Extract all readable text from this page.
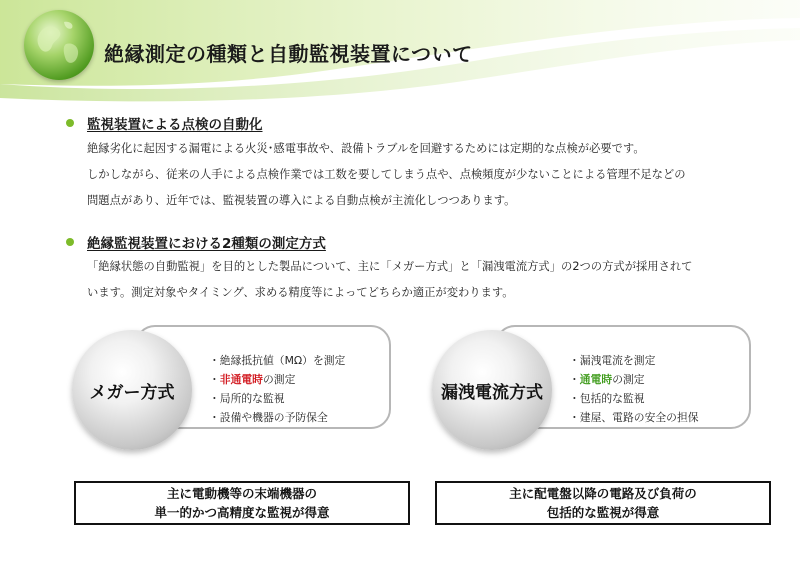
絶縁測定の種類と自動監視装置について
監視装置による点検の自動化
絶縁劣化に起因する漏電による火災･感電事故や、設備トラブルを回避するためには定期的な点検が必要です。
しかしながら、従来の人手による点検作業では工数を要してしまう点や、点検頻度が少ないことによる管理不足などの
問題点があり、近年では、監視装置の導入による自動点検が主流化しつつあります。
絶縁監視装置における2種類の測定方式
「絶縁状態の自動監視」を目的とした製品について、主に「メガー方式」と「漏洩電流方式」の2つの方式が採用されて
います。測定対象やタイミング、求める精度等によってどちらか適正が変わります。
・絶縁抵抗値（MΩ）を測定
・非通電時の測定
・局所的な監視
・設備や機器の予防保全
メガー方式
・漏洩電流を測定
・通電時の測定
・包括的な監視
・建屋、電路の安全の担保
漏洩電流方式
主に電動機等の末端機器の
単一的かつ高精度な監視が得意
主に配電盤以降の電路及び負荷の
包括的な監視が得意
